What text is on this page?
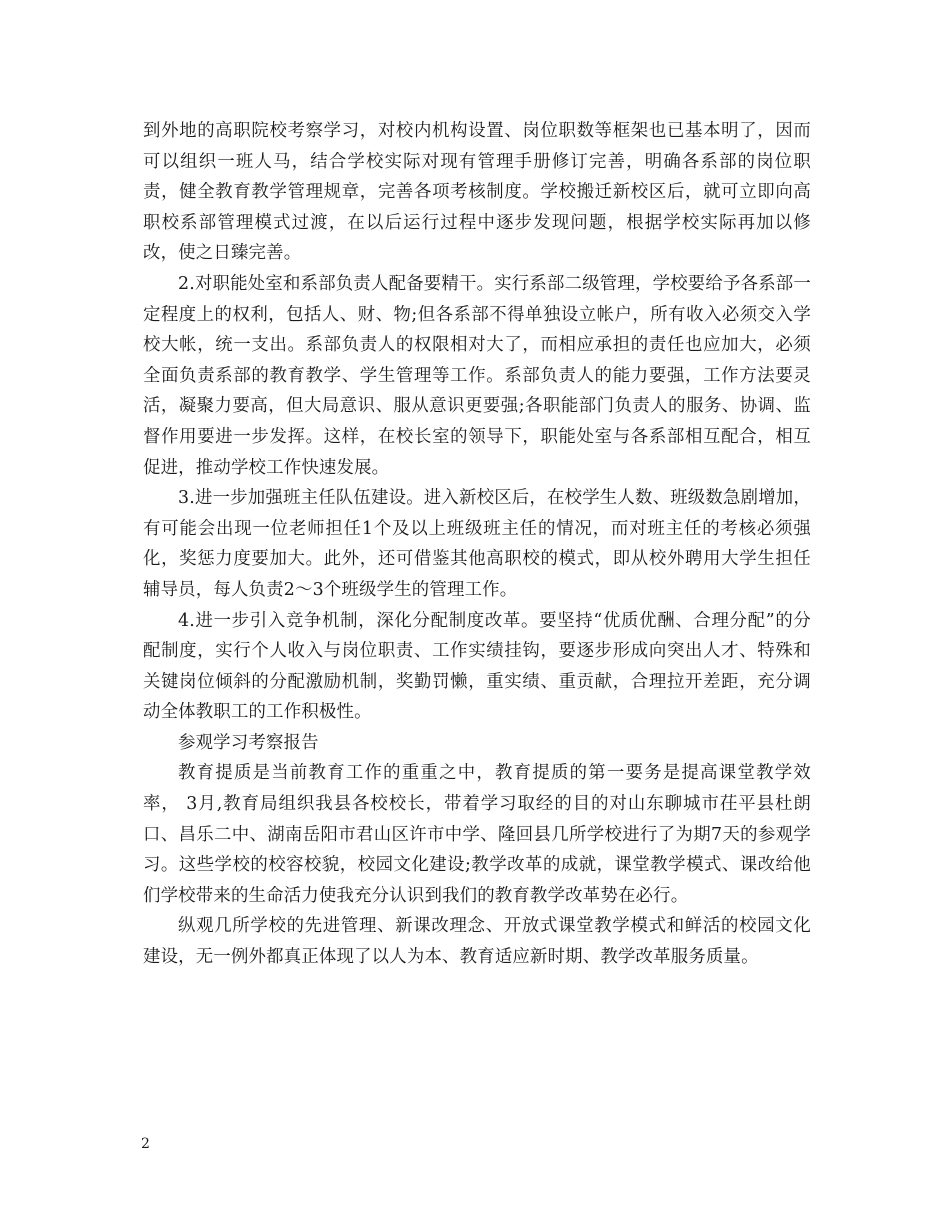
到外地的高职院校考察学习，对校内机构设置、岗位职数等框架也已基本明了，因而可以组织一班人马，结合学校实际对现有管理手册修订完善，明确各系部的岗位职责，健全教育教学管理规章，完善各项考核制度。学校搬迁新校区后，就可立即向高职校系部管理模式过渡，在以后运行过程中逐步发现问题，根据学校实际再加以修改，使之日臻完善。

2.对职能处室和系部负责人配备要精干。实行系部二级管理，学校要给予各系部一定程度上的权利，包括人、财、物;但各系部不得单独设立帐户，所有收入必须交入学校大帐，统一支出。系部负责人的权限相对大了，而相应承担的责任也应加大，必须全面负责系部的教育教学、学生管理等工作。系部负责人的能力要强，工作方法要灵活，凝聚力要高，但大局意识、服从意识更要强;各职能部门负责人的服务、协调、监督作用要进一步发挥。这样，在校长室的领导下，职能处室与各系部相互配合，相互促进，推动学校工作快速发展。

3.进一步加强班主任队伍建设。进入新校区后，在校学生人数、班级数急剧增加，有可能会出现一位老师担任1个及以上班级班主任的情况，而对班主任的考核必须强化，奖惩力度要加大。此外，还可借鉴其他高职校的模式，即从校外聘用大学生担任辅导员，每人负责2～3个班级学生的管理工作。

4.进一步引入竞争机制，深化分配制度改革。要坚持“优质优酬、合理分配”的分配制度，实行个人收入与岗位职责、工作实绩挂钩，要逐步形成向突出人才、特殊和关键岗位倾斜的分配激励机制，奖勤罚懒，重实绩、重贡献，合理拉开差距，充分调动全体教职工的工作积极性。

参观学习考察报告

教育提质是当前教育工作的重重之中，教育提质的第一要务是提高课堂教学效率， 3月,教育局组织我县各校校长，带着学习取经的目的对山东聊城市茌平县杜朗口、昌乐二中、湖南岳阳市君山区许市中学、隆回县几所学校进行了为期7天的参观学习。这些学校的校容校貌，校园文化建设;教学改革的成就，课堂教学模式、课改给他们学校带来的生命活力使我充分认识到我们的教育教学改革势在必行。

纵观几所学校的先进管理、新课改理念、开放式课堂教学模式和鲜活的校园文化建设，无一例外都真正体现了以人为本、教育适应新时期、教学改革服务质量。

2
